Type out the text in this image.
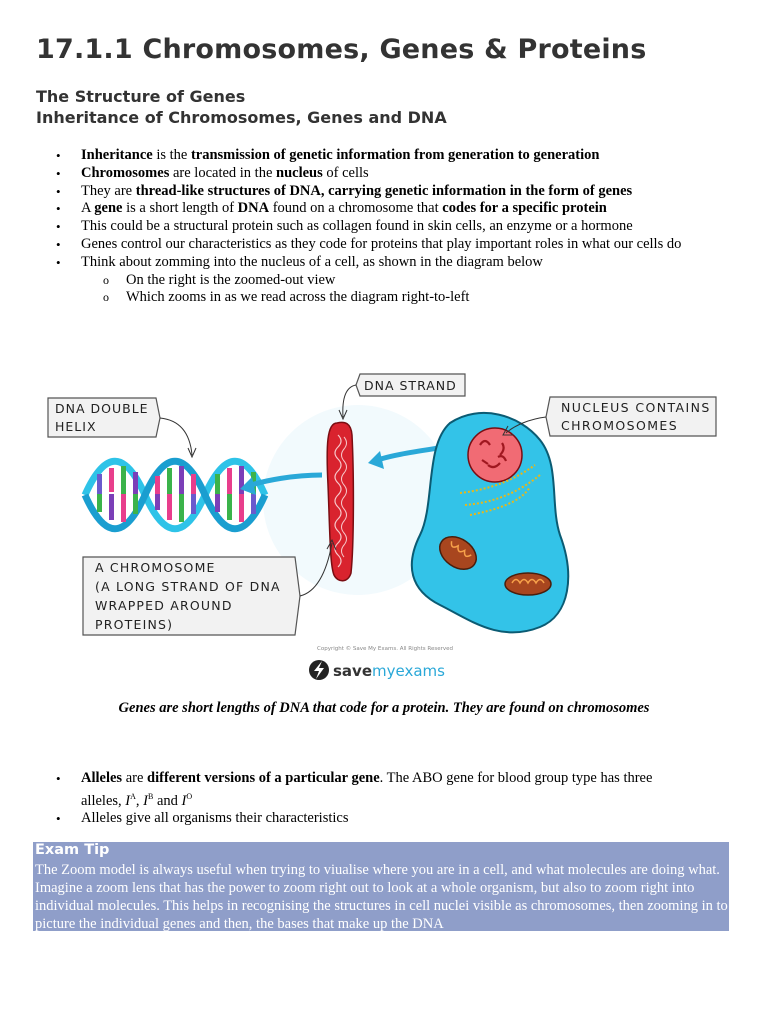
17.1.1 Chromosomes, Genes & Proteins
The Structure of Genes
Inheritance of Chromosomes, Genes and DNA
• Inheritance is the transmission of genetic information from generation to generation
• Chromosomes are located in the nucleus of cells
• They are thread-like structures of DNA, carrying genetic information in the form of genes
• A gene is a short length of DNA found on a chromosome that codes for a specific protein
• This could be a structural protein such as collagen found in skin cells, an enzyme or a hormone
• Genes control our characteristics as they code for proteins that play important roles in what our cells do
• Think about zomming into the nucleus of a cell, as shown in the diagram below
o On the right is the zoomed-out view
o Which zooms in as we read across the diagram right-to-left
DNA DOUBLE
HELIX
DNA STRAND
A CHROMOSOME
(A LONG STRAND OF DNA
WRAPPED AROUND
PROTEINS)
NUCLEUS CONTAINS
CHROMOSOMES
Copyright © Save My Exams. All Rights Reserved
savemyexams
Genes are short lengths of DNA that code for a protein. They are found on chromosomes
• Alleles are different versions of a particular gene. The ABO gene for blood group type has three alleles, $I^A$, $I^B$ and $I^O$
• Alleles give all organisms their characteristics
Exam Tip
The Zoom model is always useful when trying to viualise where you are in a cell, and what molecules are doing what. Imagine a zoom lens that has the power to zoom right out to look at a whole organism, but also to zoom right into individual molecules. This helps in recognising the structures in cell nuclei visible as chromosomes, then zooming in to picture the individual genes and then, the bases that make up the DNA
